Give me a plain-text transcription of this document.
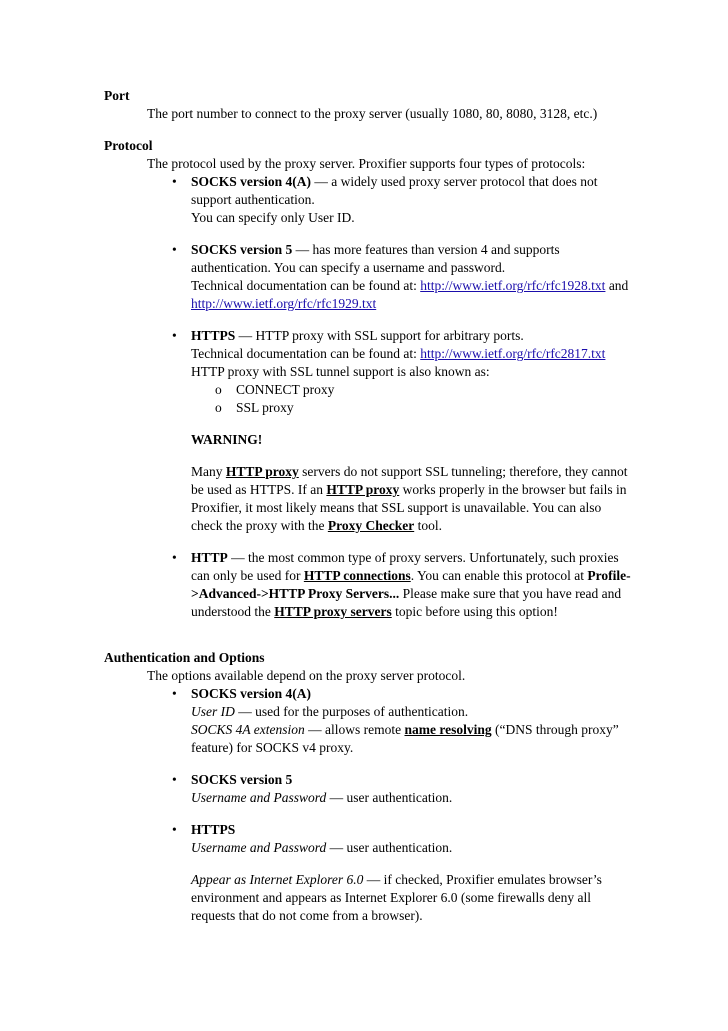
Port

The port number to connect to the proxy server (usually 1080, 80, 8080, 3128, etc.)

Protocol

The protocol used by the proxy server. Proxifier supports four types of protocols:

• SOCKS version 4(A) — a widely used proxy server protocol that does not

support authentication.

You can specify only User ID.

• SOCKS version 5 — has more features than version 4 and supports

authentication. You can specify a username and password.

Technical documentation can be found at: http://www.ietf.org/rfc/rfc1928.txt and

http://www.ietf.org/rfc/rfc1929.txt

• HTTPS — HTTP proxy with SSL support for arbitrary ports.

Technical documentation can be found at: http://www.ietf.org/rfc/rfc2817.txt

HTTP proxy with SSL tunnel support is also known as:

o CONNECT proxy

o SSL proxy

WARNING!

Many HTTP proxy servers do not support SSL tunneling; therefore, they cannot

be used as HTTPS. If an HTTP proxy works properly in the browser but fails in

Proxifier, it most likely means that SSL support is unavailable. You can also

check the proxy with the Proxy Checker tool.

• HTTP — the most common type of proxy servers. Unfortunately, such proxies

can only be used for HTTP connections. You can enable this protocol at Profile-

>Advanced->HTTP Proxy Servers... Please make sure that you have read and

understood the HTTP proxy servers topic before using this option!

Authentication and Options

The options available depend on the proxy server protocol.

• SOCKS version 4(A)

User ID — used for the purposes of authentication.

SOCKS 4A extension — allows remote name resolving (“DNS through proxy”

feature) for SOCKS v4 proxy.

• SOCKS version 5

Username and Password — user authentication.

• HTTPS

Username and Password — user authentication.

Appear as Internet Explorer 6.0 — if checked, Proxifier emulates browser’s

environment and appears as Internet Explorer 6.0 (some firewalls deny all

requests that do not come from a browser).
